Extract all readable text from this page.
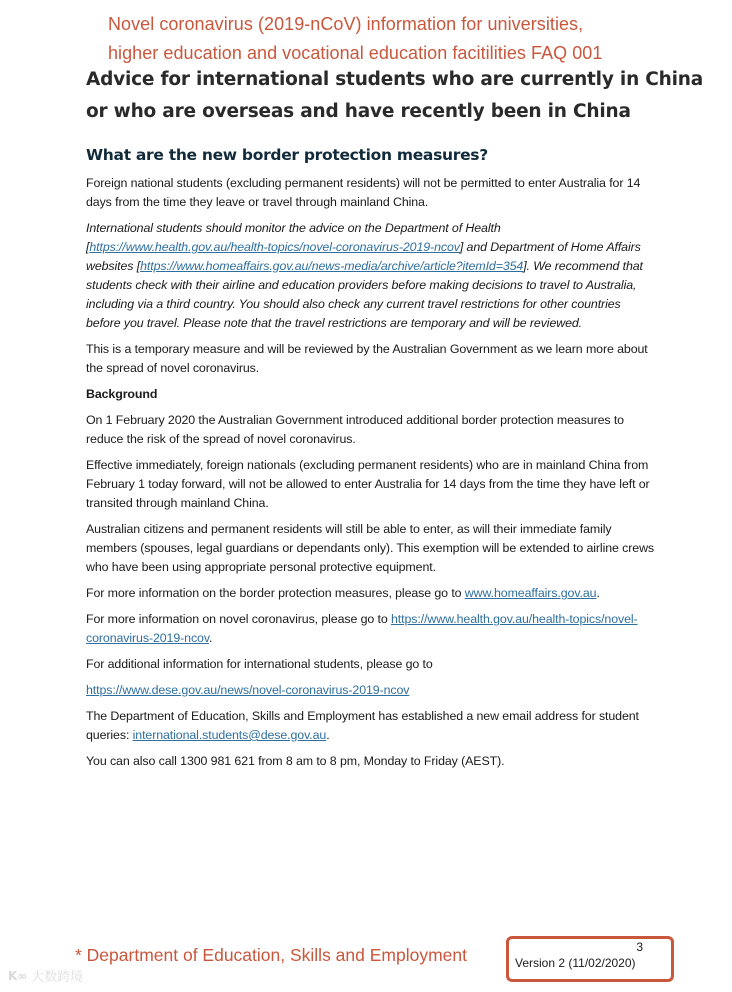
Novel coronavirus (2019-nCoV) information for universities,
higher education and vocational education facitilities FAQ 001
Advice for international students who are currently in China
or who are overseas and have recently been in China
What are the new border protection measures?

Foreign national students (excluding permanent residents) will not be permitted to enter Australia for 14 days from the time they leave or travel through mainland China.

International students should monitor the advice on the Department of Health [https://www.health.gov.au/health-topics/novel-coronavirus-2019-ncov] and Department of Home Affairs websites [https://www.homeaffairs.gov.au/news-media/archive/article?itemId=354]. We recommend that students check with their airline and education providers before making decisions to travel to Australia, including via a third country. You should also check any current travel restrictions for other countries before you travel. Please note that the travel restrictions are temporary and will be reviewed.

This is a temporary measure and will be reviewed by the Australian Government as we learn more about the spread of novel coronavirus.

Background

On 1 February 2020 the Australian Government introduced additional border protection measures to reduce the risk of the spread of novel coronavirus.

Effective immediately, foreign nationals (excluding permanent residents) who are in mainland China from February 1 today forward, will not be allowed to enter Australia for 14 days from the time they have left or transited through mainland China.

Australian citizens and permanent residents will still be able to enter, as will their immediate family members (spouses, legal guardians or dependants only). This exemption will be extended to airline crews who have been using appropriate personal protective equipment.

For more information on the border protection measures, please go to www.homeaffairs.gov.au.

For more information on novel coronavirus, please go to https://www.health.gov.au/health-topics/novel-coronavirus-2019-ncov.

For additional information for international students, please go to

https://www.dese.gov.au/news/novel-coronavirus-2019-ncov

The Department of Education, Skills and Employment has established a new email address for student queries: international.students@dese.gov.au.

You can also call 1300 981 621 from 8 am to 8 pm, Monday to Friday (AEST).

* Department of Education, Skills and Employment	3
Version 2 (11/02/2020)
K∞ 大数跨境
